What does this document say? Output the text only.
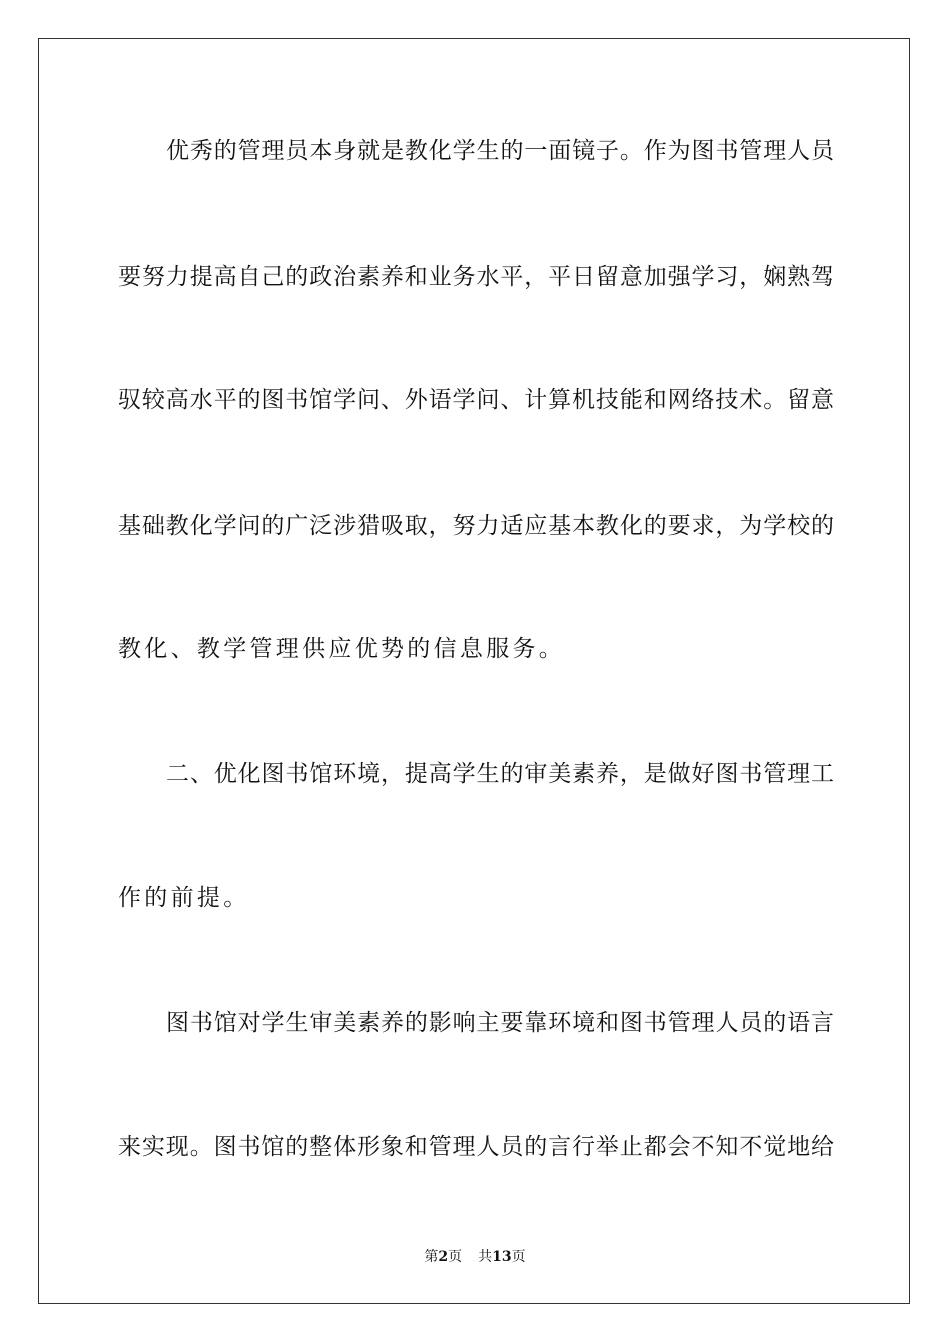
优秀的管理员本身就是教化学生的一面镜子。作为图书管理人员
要努力提高自己的政治素养和业务水平，平日留意加强学习，娴熟驾
驭较高水平的图书馆学问、外语学问、计算机技能和网络技术。留意
基础教化学问的广泛涉猎吸取，努力适应基本教化的要求，为学校的
教化、教学管理供应优势的信息服务。
二、优化图书馆环境，提高学生的审美素养，是做好图书管理工
作的前提。
图书馆对学生审美素养的影响主要靠环境和图书管理人员的语言
来实现。图书馆的整体形象和管理人员的言行举止都会不知不觉地给
第2页 共13页
